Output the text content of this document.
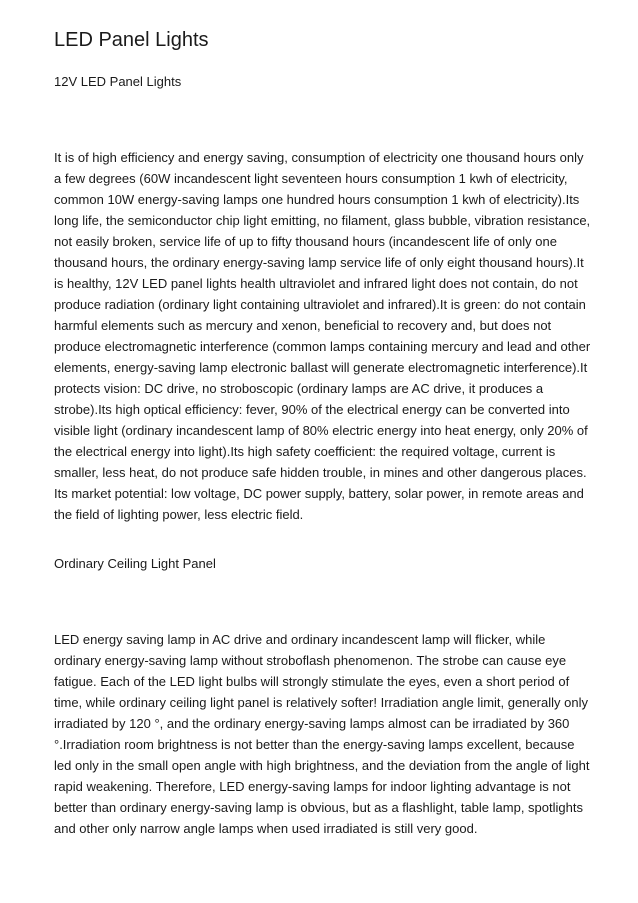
LED Panel Lights

12V LED Panel Lights

It is of high efficiency and energy saving, consumption of electricity one thousand hours only a few degrees (60W incandescent light seventeen hours consumption 1 kwh of electricity, common 10W energy-saving lamps one hundred hours consumption 1 kwh of electricity).Its long life, the semiconductor chip light emitting, no filament, glass bubble, vibration resistance, not easily broken, service life of up to fifty thousand hours (incandescent life of only one thousand hours, the ordinary energy-saving lamp service life of only eight thousand hours).It is healthy, 12V LED panel lights health ultraviolet and infrared light does not contain, do not produce radiation (ordinary light containing ultraviolet and infrared).It is green: do not contain harmful elements such as mercury and xenon, beneficial to recovery and, but does not produce electromagnetic interference (common lamps containing mercury and lead and other elements, energy-saving lamp electronic ballast will generate electromagnetic interference).It protects vision: DC drive, no stroboscopic (ordinary lamps are AC drive, it produces a strobe).Its high optical efficiency: fever, 90% of the electrical energy can be converted into visible light (ordinary incandescent lamp of 80% electric energy into heat energy, only 20% of the electrical energy into light).Its high safety coefficient: the required voltage, current is smaller, less heat, do not produce safe hidden trouble, in mines and other dangerous places. Its market potential: low voltage, DC power supply, battery, solar power, in remote areas and the field of lighting power, less electric field.

Ordinary Ceiling Light Panel

LED energy saving lamp in AC drive and ordinary incandescent lamp will flicker, while ordinary energy-saving lamp without stroboflash phenomenon. The strobe can cause eye fatigue. Each of the LED light bulbs will strongly stimulate the eyes, even a short period of time, while ordinary ceiling light panel is relatively softer! Irradiation angle limit, generally only irradiated by 120 °, and the ordinary energy-saving lamps almost can be irradiated by 360 °.Irradiation room brightness is not better than the energy-saving lamps excellent, because led only in the small open angle with high brightness, and the deviation from the angle of light rapid weakening. Therefore, LED energy-saving lamps for indoor lighting advantage is not better than ordinary energy-saving lamp is obvious, but as a flashlight, table lamp, spotlights and other only narrow angle lamps when used irradiated is still very good.
